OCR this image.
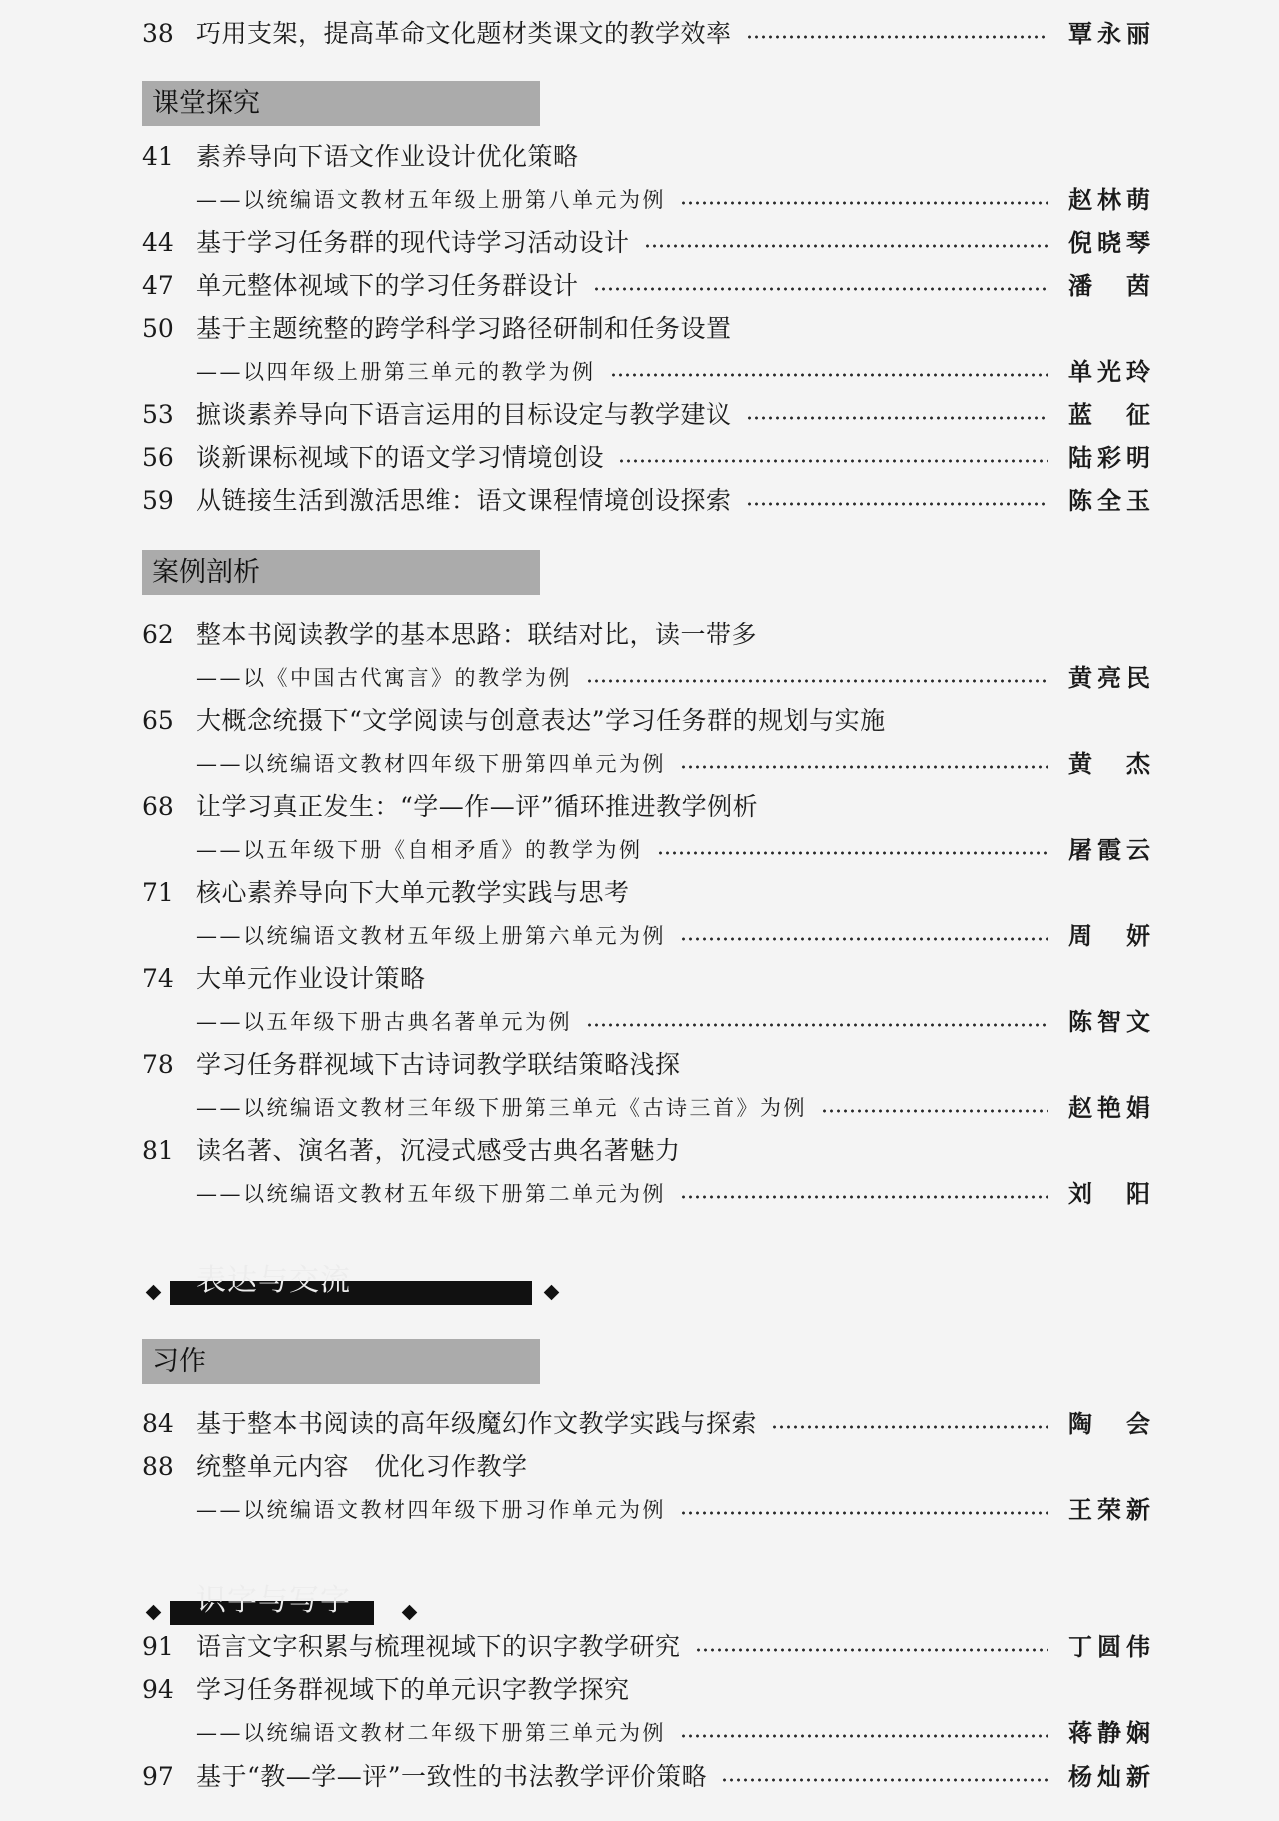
38 巧用支架，提高革命文化题材类课文的教学效率	覃永丽
课堂探究
41 素养导向下语文作业设计优化策略
——以统编语文教材五年级上册第八单元为例	赵林萌
44 基于学习任务群的现代诗学习活动设计	倪晓琴
47 单元整体视域下的学习任务群设计	潘茵
50 基于主题统整的跨学科学习路径研制和任务设置
——以四年级上册第三单元的教学为例	单光玲
53 摭谈素养导向下语言运用的目标设定与教学建议	蓝征
56 谈新课标视域下的语文学习情境创设	陆彩明
59 从链接生活到激活思维：语文课程情境创设探索	陈全玉
案例剖析
62 整本书阅读教学的基本思路：联结对比，读一带多
——以《中国古代寓言》的教学为例	黄亮民
65 大概念统摄下“文学阅读与创意表达”学习任务群的规划与实施
——以统编语文教材四年级下册第四单元为例	黄杰
68 让学习真正发生：“学—作—评”循环推进教学例析
——以五年级下册《自相矛盾》的教学为例	屠霞云
71 核心素养导向下大单元教学实践与思考
——以统编语文教材五年级上册第六单元为例	周妍
74 大单元作业设计策略
——以五年级下册古典名著单元为例	陈智文
78 学习任务群视域下古诗词教学联结策略浅探
——以统编语文教材三年级下册第三单元《古诗三首》为例	赵艳娟
81 读名著、演名著，沉浸式感受古典名著魅力
——以统编语文教材五年级下册第二单元为例	刘阳
表达与交流
习作
84 基于整本书阅读的高年级魔幻作文教学实践与探索	陶会
88 统整单元内容　优化习作教学
——以统编语文教材四年级下册习作单元为例	王荣新
识字与写字
91 语言文字积累与梳理视域下的识字教学研究	丁圆伟
94 学习任务群视域下的单元识字教学探究
——以统编语文教材二年级下册第三单元为例	蒋静娴
97 基于“教—学—评”一致性的书法教学评价策略	杨灿新
